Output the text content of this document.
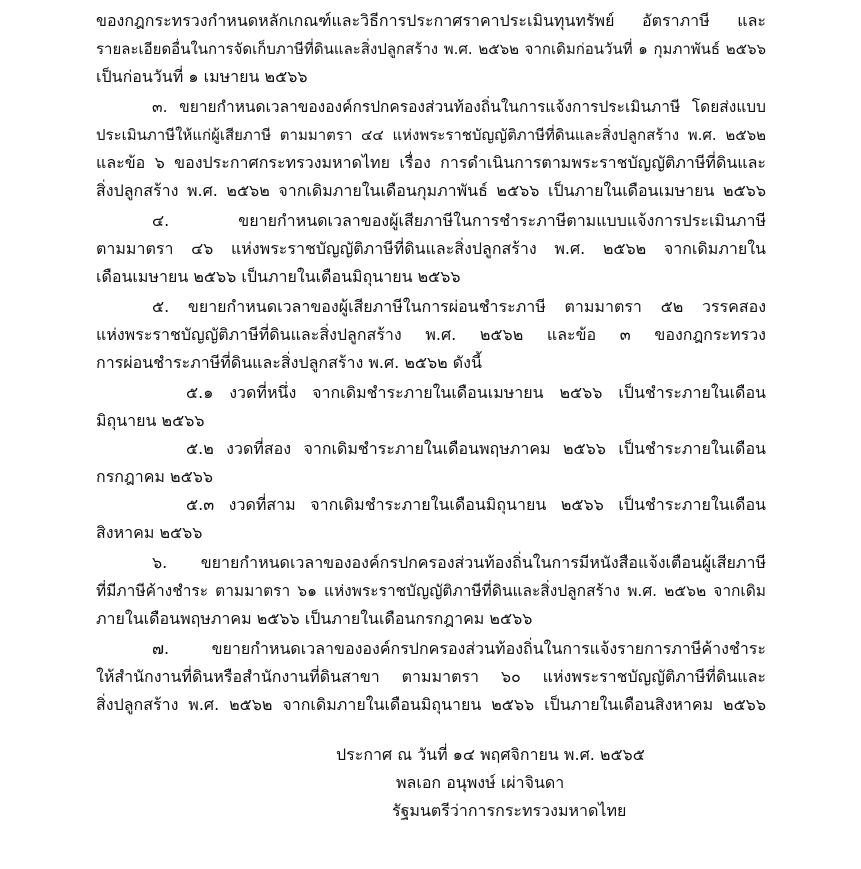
ของกฎกระทรวงกำหนดหลักเกณฑ์และวิธีการประกาศราคาประเมินทุนทรัพย์ อัตราภาษี และ
รายละเอียดอื่นในการจัดเก็บภาษีที่ดินและสิ่งปลูกสร้าง พ.ศ. ๒๕๖๒ จากเดิมก่อนวันที่ ๑ กุมภาพันธ์ ๒๕๖๖
เป็นก่อนวันที่ ๑ เมษายน ๒๕๖๖
๓. ขยายกำหนดเวลาขององค์กรปกครองส่วนท้องถิ่นในการแจ้งการประเมินภาษี โดยส่งแบบ
ประเมินภาษีให้แก่ผู้เสียภาษี ตามมาตรา ๔๔ แห่งพระราชบัญญัติภาษีที่ดินและสิ่งปลูกสร้าง พ.ศ. ๒๕๖๒
และข้อ ๖ ของประกาศกระทรวงมหาดไทย เรื่อง การดำเนินการตามพระราชบัญญัติภาษีที่ดินและ
สิ่งปลูกสร้าง พ.ศ. ๒๕๖๒ จากเดิมภายในเดือนกุมภาพันธ์ ๒๕๖๖ เป็นภายในเดือนเมษายน ๒๕๖๖
๔. ขยายกำหนดเวลาของผู้เสียภาษีในการชำระภาษีตามแบบแจ้งการประเมินภาษี
ตามมาตรา ๔๖ แห่งพระราชบัญญัติภาษีที่ดินและสิ่งปลูกสร้าง พ.ศ. ๒๕๖๒ จากเดิมภายใน
เดือนเมษายน ๒๕๖๖ เป็นภายในเดือนมิถุนายน ๒๕๖๖
๕. ขยายกำหนดเวลาของผู้เสียภาษีในการผ่อนชำระภาษี ตามมาตรา ๕๒ วรรคสอง
แห่งพระราชบัญญัติภาษีที่ดินและสิ่งปลูกสร้าง พ.ศ. ๒๕๖๒ และข้อ ๓ ของกฎกระทรวง
การผ่อนชำระภาษีที่ดินและสิ่งปลูกสร้าง พ.ศ. ๒๕๖๒ ดังนี้
๕.๑ งวดที่หนึ่ง จากเดิมชำระภายในเดือนเมษายน ๒๕๖๖ เป็นชำระภายในเดือน
มิถุนายน ๒๕๖๖
๕.๒ งวดที่สอง จากเดิมชำระภายในเดือนพฤษภาคม ๒๕๖๖ เป็นชำระภายในเดือน
กรกฎาคม ๒๕๖๖
๕.๓ งวดที่สาม จากเดิมชำระภายในเดือนมิถุนายน ๒๕๖๖ เป็นชำระภายในเดือน
สิงหาคม ๒๕๖๖
๖. ขยายกำหนดเวลาขององค์กรปกครองส่วนท้องถิ่นในการมีหนังสือแจ้งเตือนผู้เสียภาษี
ที่มีภาษีค้างชำระ ตามมาตรา ๖๑ แห่งพระราชบัญญัติภาษีที่ดินและสิ่งปลูกสร้าง พ.ศ. ๒๕๖๒ จากเดิม
ภายในเดือนพฤษภาคม ๒๕๖๖ เป็นภายในเดือนกรกฎาคม ๒๕๖๖
๗. ขยายกำหนดเวลาขององค์กรปกครองส่วนท้องถิ่นในการแจ้งรายการภาษีค้างชำระ
ให้สำนักงานที่ดินหรือสำนักงานที่ดินสาขา ตามมาตรา ๖๐ แห่งพระราชบัญญัติภาษีที่ดินและ
สิ่งปลูกสร้าง พ.ศ. ๒๕๖๒ จากเดิมภายในเดือนมิถุนายน ๒๕๖๖ เป็นภายในเดือนสิงหาคม ๒๕๖๖
ประกาศ ณ วันที่ ๑๔ พฤศจิกายน พ.ศ. ๒๕๖๕
พลเอก อนุพงษ์ เผ่าจินดา
รัฐมนตรีว่าการกระทรวงมหาดไทย
